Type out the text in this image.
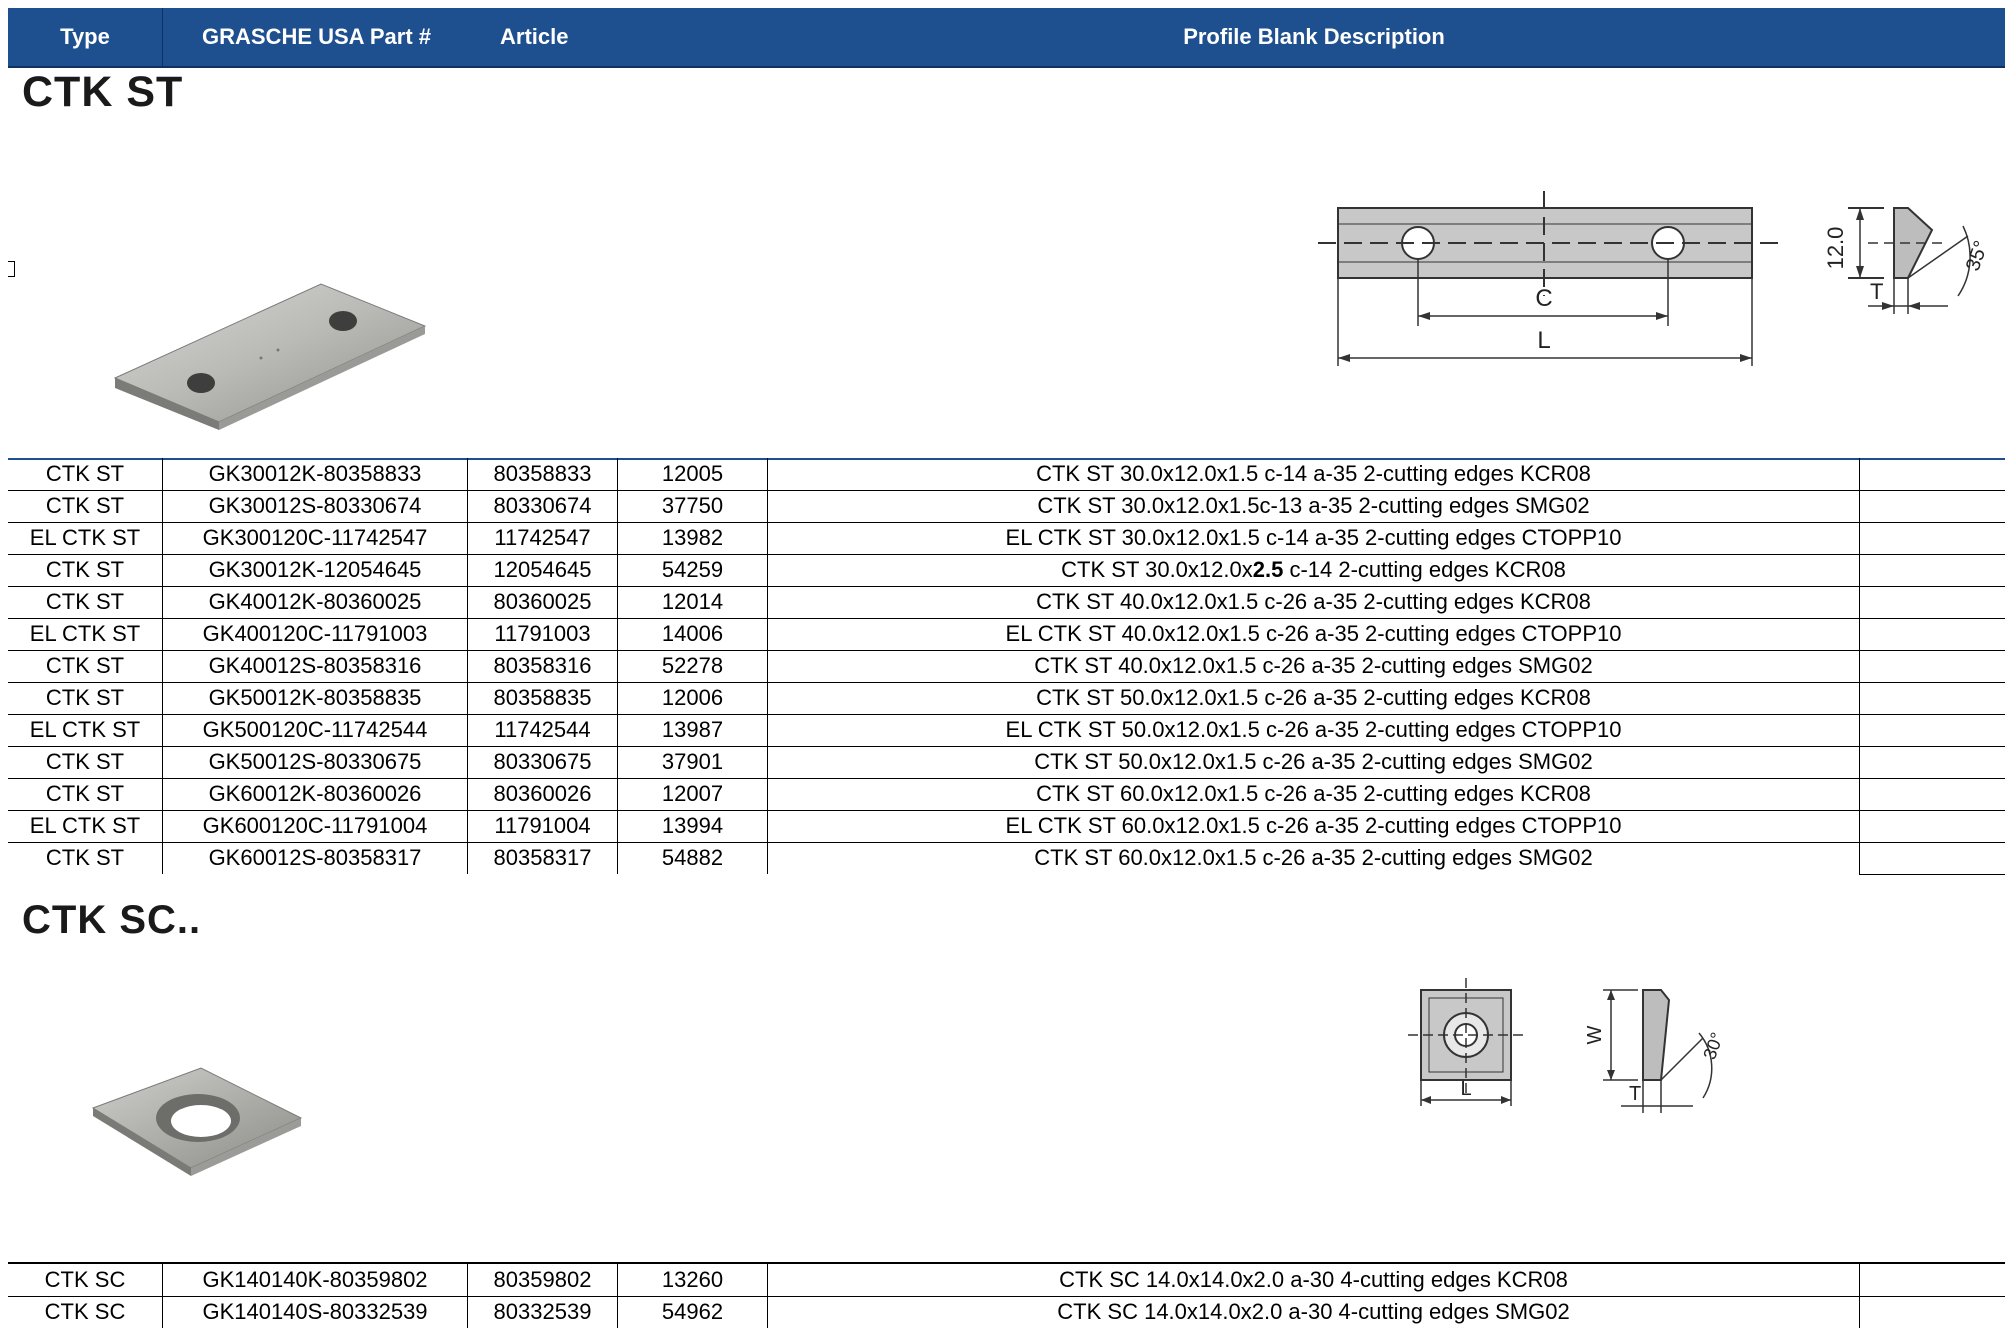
Type	GRASCHE USA Part #	Article	Profile Blank Description
CTK ST
C
L
12.0	35°
T
CTK ST	GK30012K-80358833	80358833	12005	CTK ST 30.0x12.0x1.5 c-14 a-35 2-cutting edges KCR08
CTK ST	GK30012S-80330674	80330674	37750	CTK ST 30.0x12.0x1.5c-13 a-35 2-cutting edges SMG02
EL CTK ST	GK300120C-11742547	11742547	13982	EL CTK ST 30.0x12.0x1.5 c-14 a-35 2-cutting edges CTOPP10
CTK ST	GK30012K-12054645	12054645	54259	CTK ST 30.0x12.0x2.5 c-14 2-cutting edges KCR08
CTK ST	GK40012K-80360025	80360025	12014	CTK ST 40.0x12.0x1.5 c-26 a-35 2-cutting edges KCR08
EL CTK ST	GK400120C-11791003	11791003	14006	EL CTK ST 40.0x12.0x1.5 c-26 a-35 2-cutting edges CTOPP10
CTK ST	GK40012S-80358316	80358316	52278	CTK ST 40.0x12.0x1.5 c-26 a-35 2-cutting edges SMG02
CTK ST	GK50012K-80358835	80358835	12006	CTK ST 50.0x12.0x1.5 c-26 a-35 2-cutting edges KCR08
EL CTK ST	GK500120C-11742544	11742544	13987	EL CTK ST 50.0x12.0x1.5 c-26 a-35 2-cutting edges CTOPP10
CTK ST	GK50012S-80330675	80330675	37901	CTK ST 50.0x12.0x1.5 c-26 a-35 2-cutting edges SMG02
CTK ST	GK60012K-80360026	80360026	12007	CTK ST 60.0x12.0x1.5 c-26 a-35 2-cutting edges KCR08
EL CTK ST	GK600120C-11791004	11791004	13994	EL CTK ST 60.0x12.0x1.5 c-26 a-35 2-cutting edges CTOPP10
CTK ST	GK60012S-80358317	80358317	54882	CTK ST 60.0x12.0x1.5 c-26 a-35 2-cutting edges SMG02
CTK SC..
L
W
T
30°
CTK SC	GK140140K-80359802	80359802	13260	CTK SC 14.0x14.0x2.0 a-30 4-cutting edges KCR08
CTK SC	GK140140S-80332539	80332539	54962	CTK SC 14.0x14.0x2.0 a-30 4-cutting edges SMG02
